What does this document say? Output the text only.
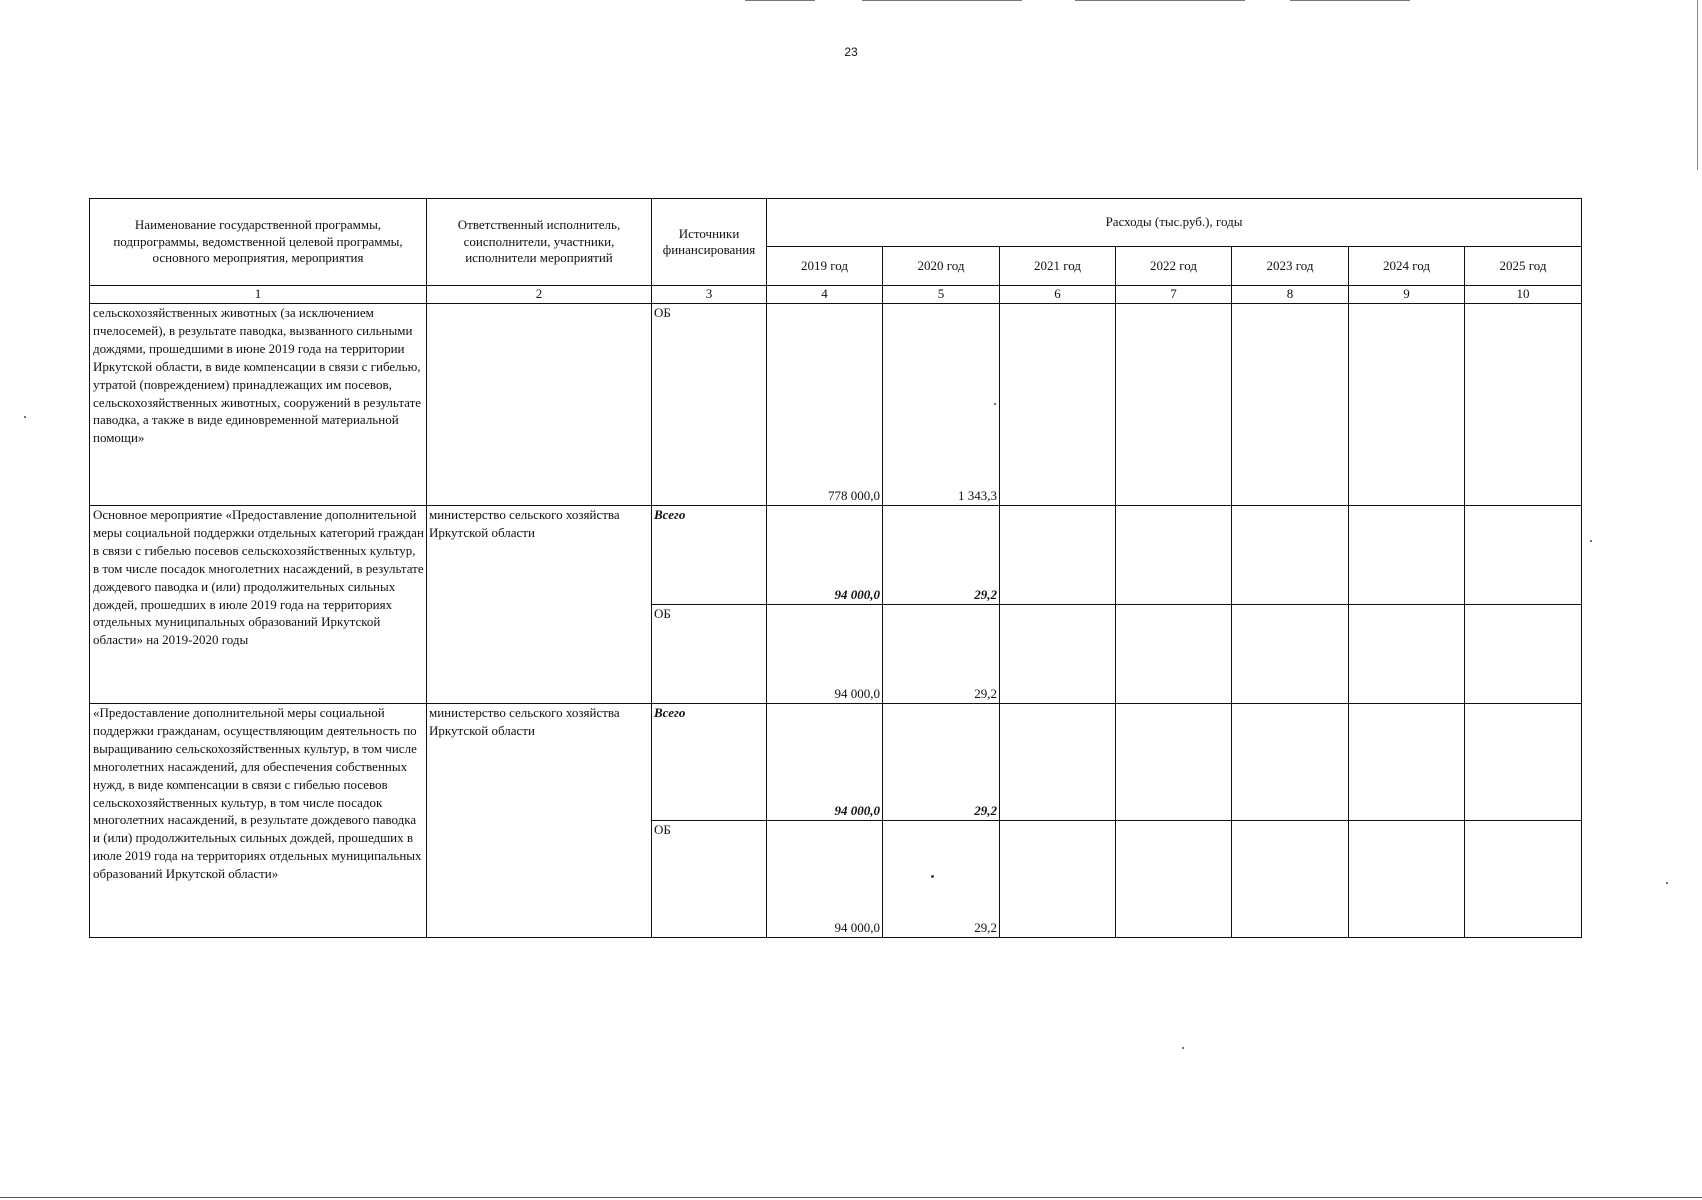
23
Наименование государственной программы, подпрограммы, ведомственной целевой программы, основного мероприятия, мероприятия	Ответственный исполнитель, соисполнители, участники, исполнители мероприятий	Источники финансирования	Расходы (тыс.руб.), годы						
			2019 год	2020 год	2021 год	2022 год	2023 год	2024 год	2025 год
1	2	3	4	5	6	7	8	9	10
сельскохозяйственных животных (за исключением пчелосемей), в результате паводка, вызванного сильными дождями, прошедшими в июне 2019 года на территории Иркутской области, в виде компенсации в связи с гибелью, утратой (повреждением) принадлежащих им посевов, сельскохозяйственных животных, сооружений в результате паводка, а также в виде единовременной материальной помощи»		ОБ	778 000,0	1 343,3					
Основное мероприятие «Предоставление дополнительной меры социальной поддержки отдельных категорий граждан в связи с гибелью посевов сельскохозяйственных культур, в том числе посадок многолетних насаждений, в результате дождевого паводка и (или) продолжительных сильных дождей, прошедших в июле 2019 года на территориях отдельных муниципальных образований Иркутской области» на 2019-2020 годы	министерство сельского хозяйства Иркутской области	Всего	94 000,0	29,2					
		ОБ	94 000,0	29,2					
«Предоставление дополнительной меры социальной поддержки гражданам, осуществляющим деятельность по выращиванию сельскохозяйственных культур, в том числе многолетних насаждений, для обеспечения собственных нужд, в виде компенсации в связи с гибелью посевов сельскохозяйственных культур, в том числе посадок многолетних насаждений, в результате дождевого паводка и (или) продолжительных сильных дождей, прошедших в июле 2019 года на территориях отдельных муниципальных образований Иркутской области»	министерство сельского хозяйства Иркутской области	Всего	94 000,0	29,2					
		ОБ	94 000,0	29,2					
